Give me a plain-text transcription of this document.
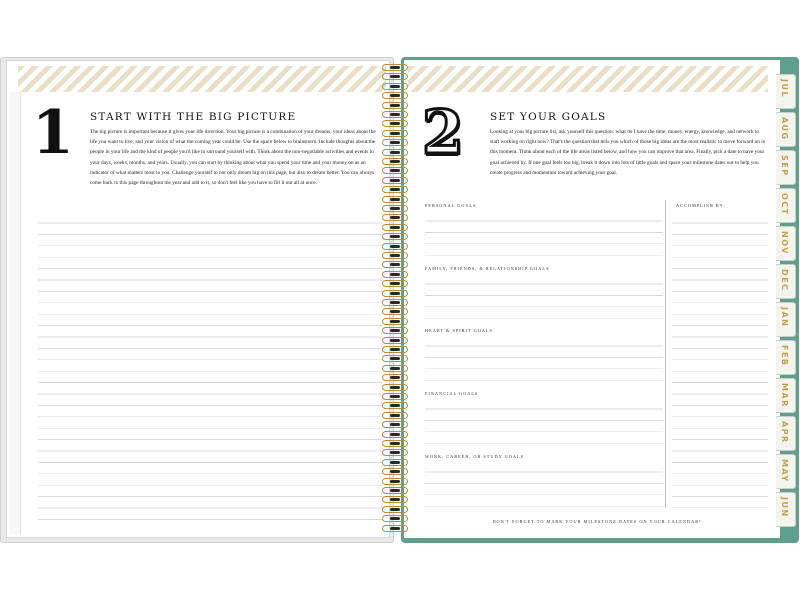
1 START WITH THE BIG PICTURE
The big picture is important because it gives your life direction. Your big picture is a combination of your dreams, your ideas about the life you want to live, and your vision of what the coming year could be. Use the space below to brainstorm. Include thoughts about the people in your life and the kind of people you'd like to surround yourself with. Think about the non-negotiable activities and events in your days, weeks, months, and years. Usually, you can start by thinking about what you spend your time and your money on as an indicator of what matters most to you. Challenge yourself to not only dream big on this page, but also to dream better. You can always come back to this page throughout the year and add to it, so don't feel like you have to fill it out all at once.
2	SET YOUR GOALS
Looking at your big picture list, ask yourself this question: what do I have the time, money, energy, knowledge, and network to start working on right now? That's the question that tells you which of those big ideas are the most realistic to move forward on in this moment. Think about each of the life areas listed below, and how you can improve that area. Finally, pick a date to have your goal achieved by. If one goal feels too big, break it down into lots of little goals and space your milestone dates out to help you create progress and momentum toward achieving your goal.
ACCOMPLISH BY:
PERSONAL GOALS
FAMILY, FRIENDS, & RELATIONSHIP GOALS
HEART & SPIRIT GOALS
FINANCIAL GOALS
WORK, CAREER, OR STUDY GOALS
DON'T FORGET TO MARK YOUR MILESTONE DATES ON YOUR CALENDAR!
JUL
AUG
SEP
OCT
NOV
DEC
JAN
FEB
MAR
APR
MAY
JUN
